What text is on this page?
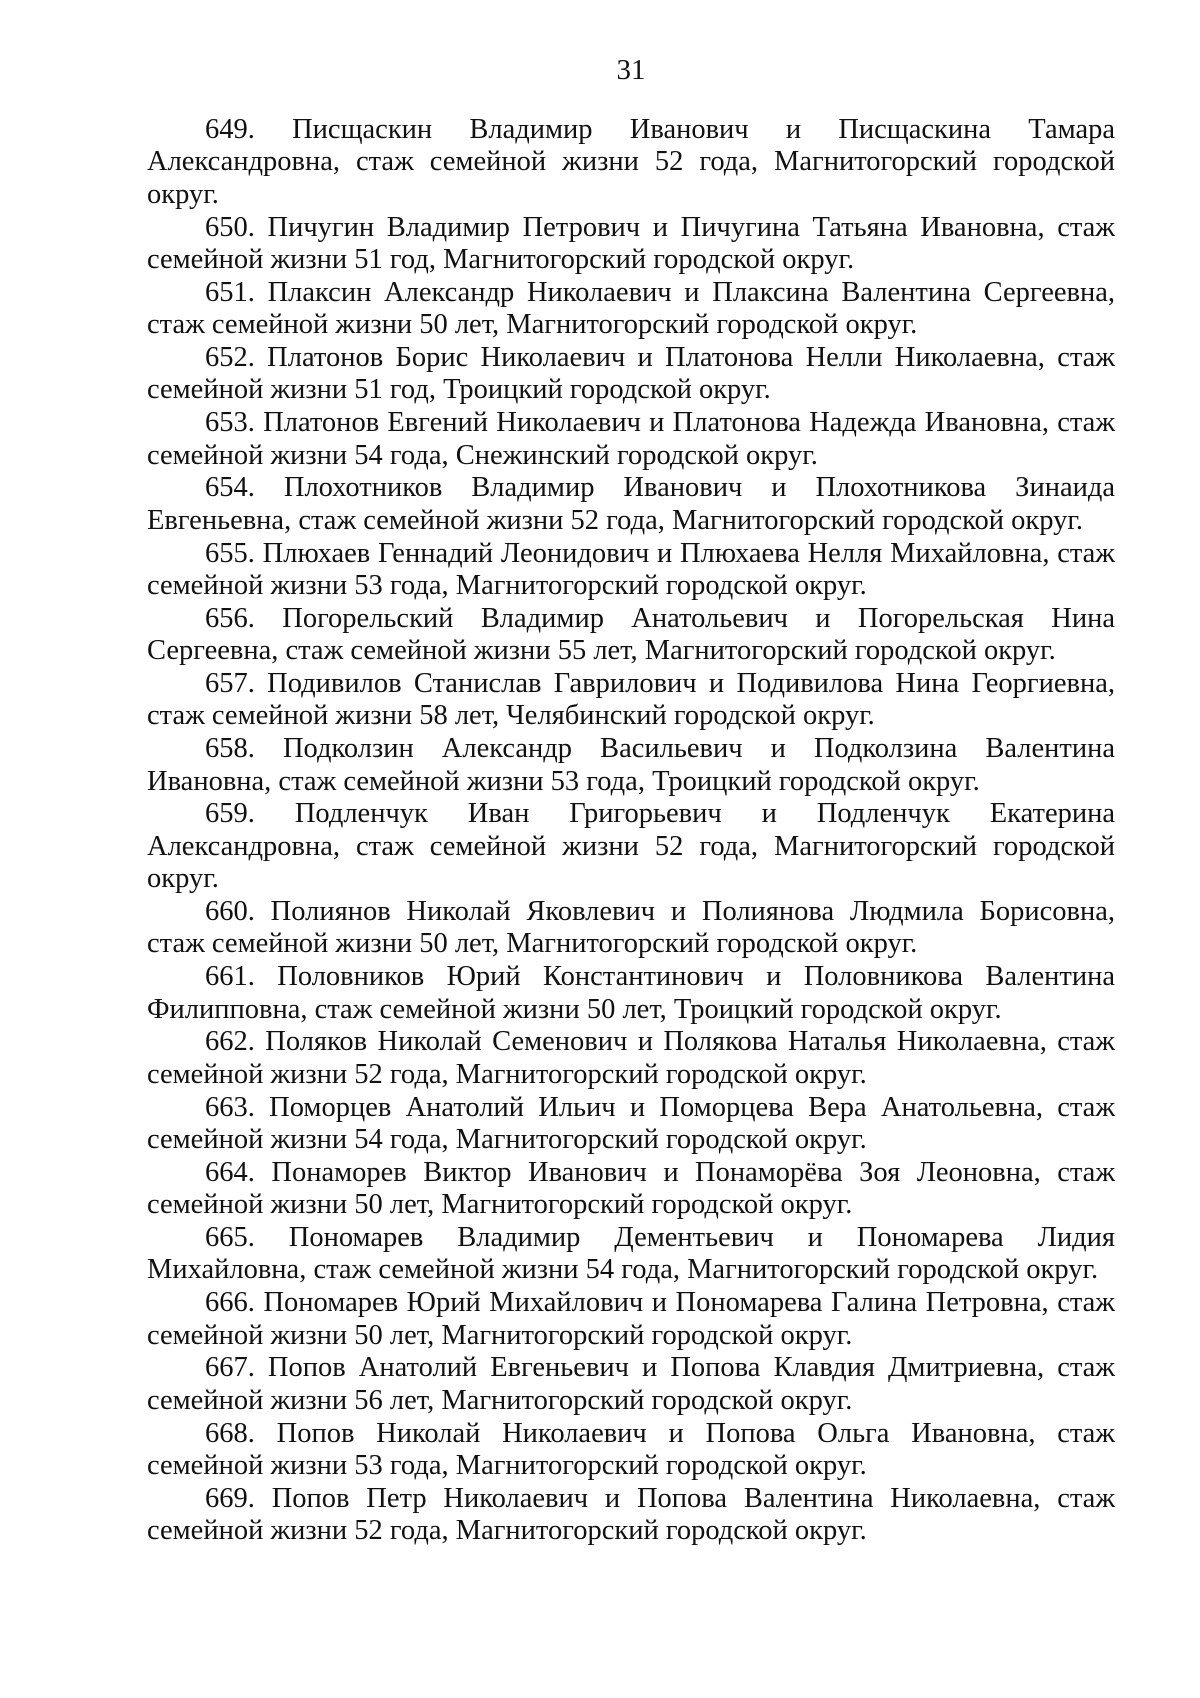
31

649. Писщаскин Владимир Иванович и Писщаскина Тамара Александровна, стаж семейной жизни 52 года, Магнитогорский городской округ.

650. Пичугин Владимир Петрович и Пичугина Татьяна Ивановна, стаж семейной жизни 51 год, Магнитогорский городской округ.

651. Плаксин Александр Николаевич и Плаксина Валентина Сергеевна, стаж семейной жизни 50 лет, Магнитогорский городской округ.

652. Платонов Борис Николаевич и Платонова Нелли Николаевна, стаж семейной жизни 51 год, Троицкий городской округ.

653. Платонов Евгений Николаевич и Платонова Надежда Ивановна, стаж семейной жизни 54 года, Снежинский городской округ.

654. Плохотников Владимир Иванович и Плохотникова Зинаида Евгеньевна, стаж семейной жизни 52 года, Магнитогорский городской округ.

655. Плюхаев Геннадий Леонидович и Плюхаева Нелля Михайловна, стаж семейной жизни 53 года, Магнитогорский городской округ.

656. Погорельский Владимир Анатольевич и Погорельская Нина Сергеевна, стаж семейной жизни 55 лет, Магнитогорский городской округ.

657. Подивилов Станислав Гаврилович и Подивилова Нина Георгиевна, стаж семейной жизни 58 лет, Челябинский городской округ.

658. Подколзин Александр Васильевич и Подколзина Валентина Ивановна, стаж семейной жизни 53 года, Троицкий городской округ.

659. Подленчук Иван Григорьевич и Подленчук Екатерина Александровна, стаж семейной жизни 52 года, Магнитогорский городской округ.

660. Полиянов Николай Яковлевич и Полиянова Людмила Борисовна, стаж семейной жизни 50 лет, Магнитогорский городской округ.

661. Половников Юрий Константинович и Половникова Валентина Филипповна, стаж семейной жизни 50 лет, Троицкий городской округ.

662. Поляков Николай Семенович и Полякова Наталья Николаевна, стаж семейной жизни 52 года, Магнитогорский городской округ.

663. Поморцев Анатолий Ильич и Поморцева Вера Анатольевна, стаж семейной жизни 54 года, Магнитогорский городской округ.

664. Понаморев Виктор Иванович и Понаморёва Зоя Леоновна, стаж семейной жизни 50 лет, Магнитогорский городской округ.

665. Пономарев Владимир Дементьевич и Пономарева Лидия Михайловна, стаж семейной жизни 54 года, Магнитогорский городской округ.

666. Пономарев Юрий Михайлович и Пономарева Галина Петровна, стаж семейной жизни 50 лет, Магнитогорский городской округ.

667. Попов Анатолий Евгеньевич и Попова Клавдия Дмитриевна, стаж семейной жизни 56 лет, Магнитогорский городской округ.

668. Попов Николай Николаевич и Попова Ольга Ивановна, стаж семейной жизни 53 года, Магнитогорский городской округ.

669. Попов Петр Николаевич и Попова Валентина Николаевна, стаж семейной жизни 52 года, Магнитогорский городской округ.
